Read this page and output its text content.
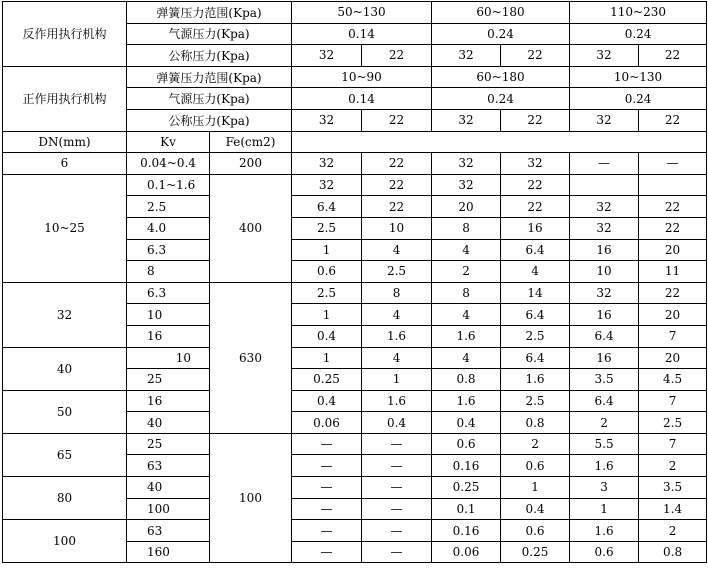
反作用执行机构	弹簧压力范围(Kpa)		50~130		60~180		110~230	
	气源压力(Kpa)		0.14		0.24		0.24	
	公称压力(Kpa)		32	22	32	22	32	22
正作用执行机构	弹簧压力范围(Kpa)		10~90		60~180		10~130	
	气源压力(Kpa)		0.14		0.24		0.24	
	公称压力(Kpa)		32	22	32	22	32	22
DN(mm)	Kv	Fe(cm2)						
6	0.04~0.4	200	32	22	32	32	—	—
10~25	0.1~1.6	400	32	22	32	22		
	2.5		6.4	22	20	22	32	22
	4.0		2.5	10	8	16	32	22
	6.3		1	4	4	6.4	16	20
	8		0.6	2.5	2	4	10	11
32	6.3	630	2.5	8	8	14	32	22
	10		1	4	4	6.4	16	20
	16		0.4	1.6	1.6	2.5	6.4	7
40	10		1	4	4	6.4	16	20
	25		0.25	1	0.8	1.6	3.5	4.5
50	16		0.4	1.6	1.6	2.5	6.4	7
	40		0.06	0.4	0.4	0.8	2	2.5
65	25	100	—	—	0.6	2	5.5	7
	63		—	—	0.16	0.6	1.6	2
80	40		—	—	0.25	1	3	3.5
	100		—	—	0.1	0.4	1	1.4
100	63		—	—	0.16	0.6	1.6	2
	160		—	—	0.06	0.25	0.6	0.8
